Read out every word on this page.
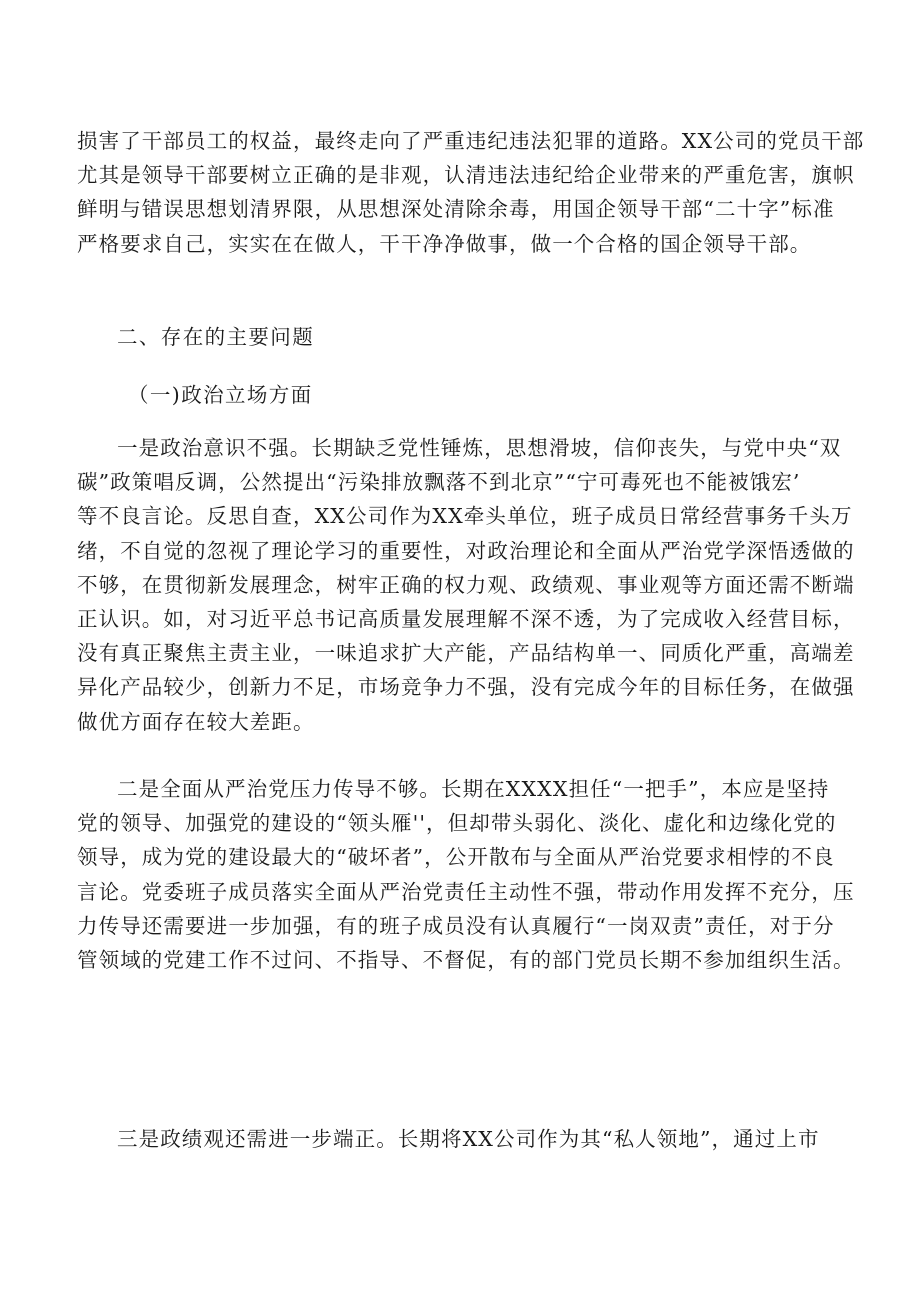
损害了干部员工的权益，最终走向了严重违纪违法犯罪的道路。XX公司的党员干部
尤其是领导干部要树立正确的是非观，认清违法违纪给企业带来的严重危害，旗帜
鲜明与错误思想划清界限，从思想深处清除余毒，用国企领导干部“二十字”标准
严格要求自己，实实在在做人，干干净净做事，做一个合格的国企领导干部。

二、存在的主要问题
（一)政治立场方面

一是政治意识不强。长期缺乏党性锤炼，思想滑坡，信仰丧失，与党中央“双
碳”政策唱反调，公然提出“污染排放飘落不到北京”“宁可毒死也不能被饿宏’
等不良言论。反思自查，XX公司作为XX牵头单位，班子成员日常经营事务千头万
绪，不自觉的忽视了理论学习的重要性，对政治理论和全面从严治党学深悟透做的
不够，在贯彻新发展理念，树牢正确的权力观、政绩观、事业观等方面还需不断端
正认识。如，对习近平总书记高质量发展理解不深不透，为了完成收入经营目标，
没有真正聚焦主责主业，一味追求扩大产能，产品结构单一、同质化严重，高端差
异化产品较少，创新力不足，市场竞争力不强，没有完成今年的目标任务，在做强
做优方面存在较大差距。

二是全面从严治党压力传导不够。长期在XXXX担任“一把手”，本应是坚持
党的领导、加强党的建设的“领头雁''，但却带头弱化、淡化、虚化和边缘化党的
领导，成为党的建设最大的“破坏者”，公开散布与全面从严治党要求相悖的不良
言论。党委班子成员落实全面从严治党责任主动性不强，带动作用发挥不充分，压
力传导还需要进一步加强，有的班子成员没有认真履行“一岗双责”责任，对于分
管领域的党建工作不过问、不指导、不督促，有的部门党员长期不参加组织生活。

三是政绩观还需进一步端正。长期将XX公司作为其“私人领地”，通过上市
